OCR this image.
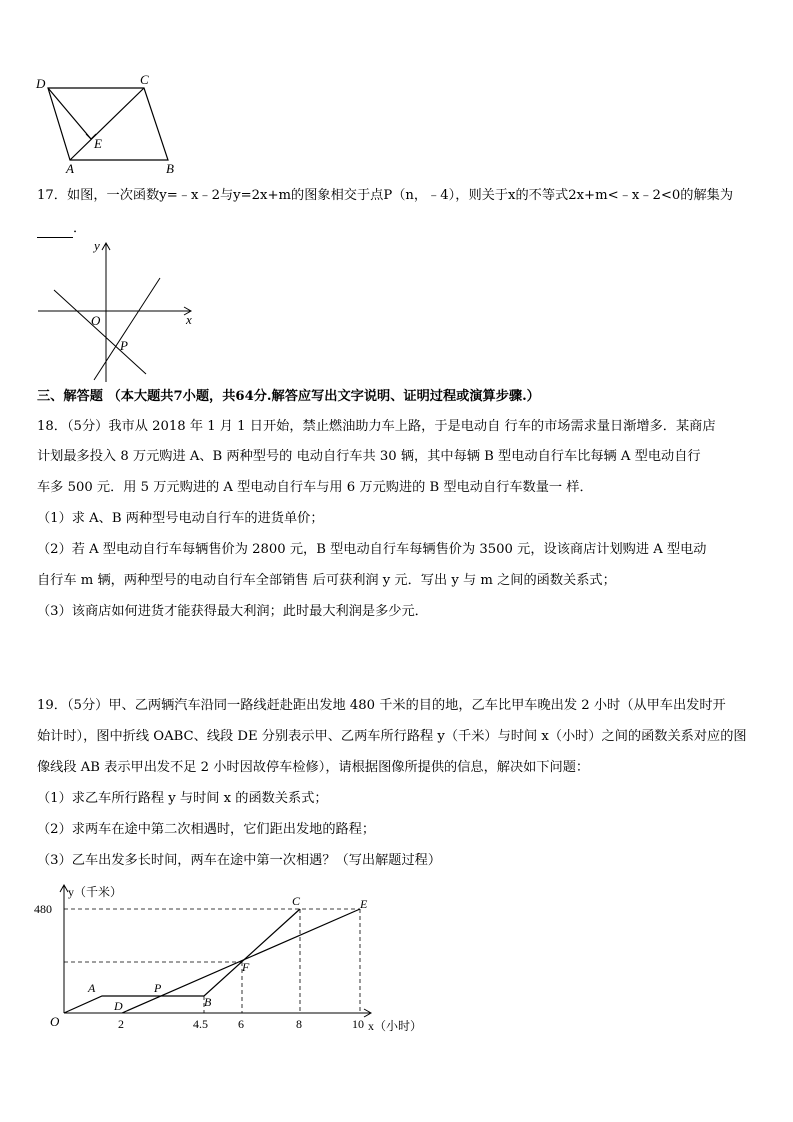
D	C
E
A	B
17．如图，一次函数y=﹣x﹣2与y=2x+m的图象相交于点P（n，﹣4），则关于x的不等式2x+m<﹣x﹣2<0的解集为
．
y
O	x
P
三、解答题 （本大题共7小题，共64分.解答应写出文字说明、证明过程或演算步骤.）
18．（5分）我市从 2018 年 1 月 1 日开始，禁止燃油助力车上路，于是电动自 行车的市场需求量日渐增多．某商店
计划最多投入 8 万元购进 A、B 两种型号的 电动自行车共 30 辆，其中每辆 B 型电动自行车比每辆 A 型电动自行
车多 500 元．用 5 万元购进的 A 型电动自行车与用 6 万元购进的 B 型电动自行车数量一 样．
（1）求 A、B 两种型号电动自行车的进货单价；
（2）若 A 型电动自行车每辆售价为 2800 元，B 型电动自行车每辆售价为 3500 元，设该商店计划购进 A 型电动
自行车 m 辆，两种型号的电动自行车全部销售 后可获利润 y 元．写出 y 与 m 之间的函数关系式；
（3）该商店如何进货才能获得最大利润；此时最大利润是多少元．
19．（5分）甲、乙两辆汽车沿同一路线赶赴距出发地 480 千米的目的地，乙车比甲车晚出发 2 小时（从甲车出发时开
始计时），图中折线 OABC、线段 DE 分别表示甲、乙两车所行路程 y（千米）与时间 x（小时）之间的函数关系对应的图
像线段 AB 表示甲出发不足 2 小时因故停车检修），请根据图像所提供的信息，解决如下问题：
（1）求乙车所行路程 y 与时间 x 的函数关系式；
（2）求两车在途中第二次相遇时，它们距出发地的路程；
（3）乙车出发多长时间，两车在途中第一次相遇？（写出解题过程）
y（千米）
480
O	2	4.5	6	8	10 x（小时）
A	P
B
D
F
C	E
